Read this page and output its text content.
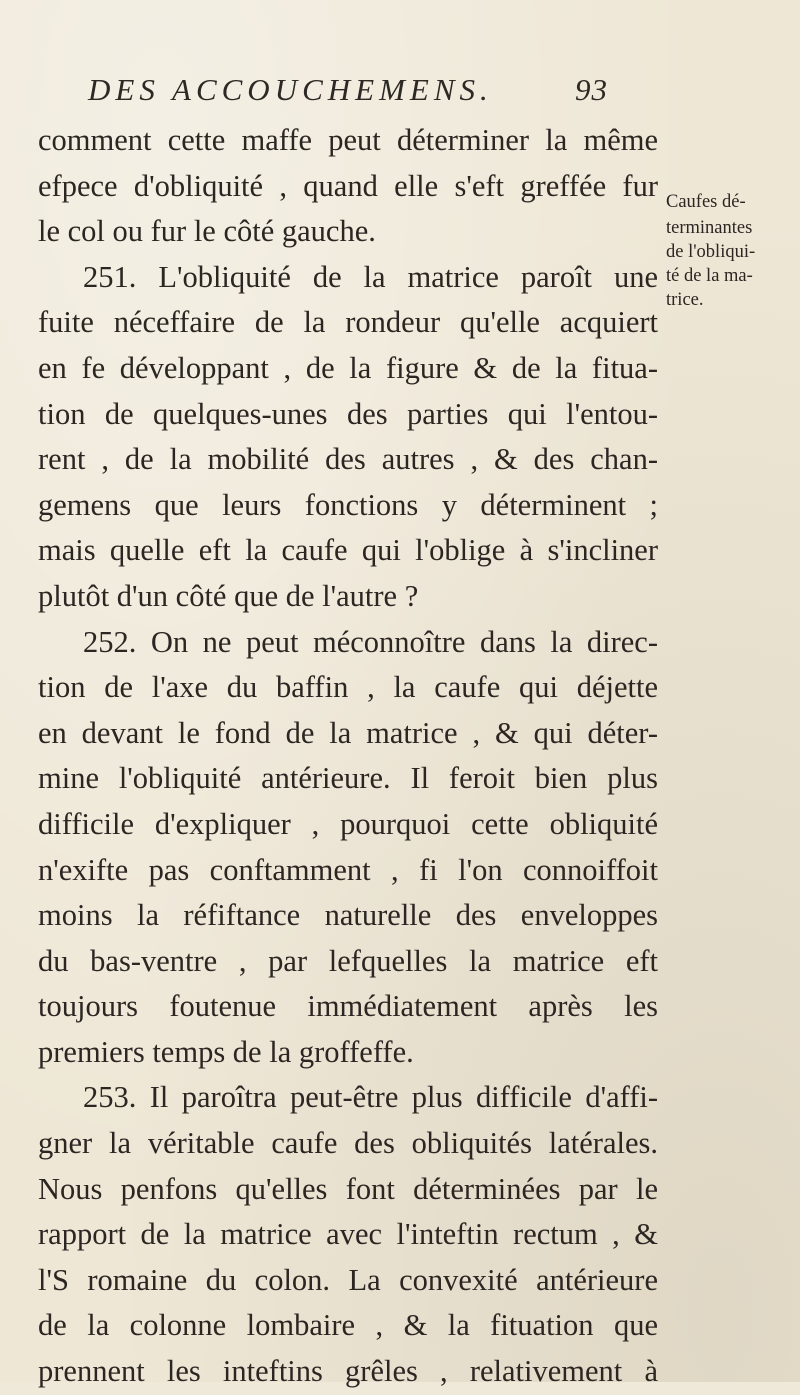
DES ACCOUCHEMENS.	93
comment cette maffe peut déterminer la même
efpece d'obliquité , quand elle s'eft greffée fur
le col ou fur le côté gauche.
251. L'obliquité de la matrice paroît une
fuite néceffaire de la rondeur qu'elle acquiert
en fe développant , de la figure & de la fitua-
tion de quelques-unes des parties qui l'entou-
rent , de la mobilité des autres , & des chan-
gemens que leurs fonctions y déterminent ;
mais quelle eft la caufe qui l'oblige à s'incliner
plutôt d'un côté que de l'autre ?
252. On ne peut méconnoître dans la direc-
tion de l'axe du baffin , la caufe qui déjette
en devant le fond de la matrice , & qui déter-
mine l'obliquité antérieure. Il feroit bien plus
difficile d'expliquer , pourquoi cette obliquité
n'exifte pas conftamment , fi l'on connoiffoit
moins la réfiftance naturelle des enveloppes
du bas-ventre , par lefquelles la matrice eft
toujours foutenue immédiatement après les
premiers temps de la groffeffe.
253. Il paroîtra peut-être plus difficile d'affi-
gner la véritable caufe des obliquités latérales.
Nous penfons qu'elles font déterminées par le
rapport de la matrice avec l'inteftin rectum , &
l'S romaine du colon. La convexité antérieure
de la colonne lombaire , & la fituation que
prennent les inteftins grêles , relativement à
Caufes dé-
terminantes
de l'obliqui-
té de la ma-
trice.
